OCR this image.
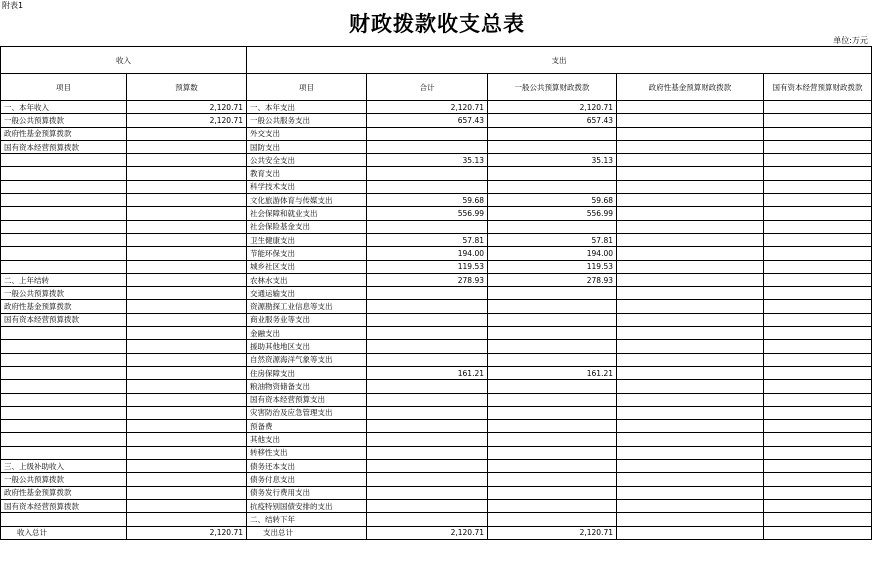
附表1
财政拨款收支总表
单位:万元
收入		支出				
项目	预算数	项目	合计	一般公共预算财政拨款	政府性基金预算财政拨款	国有资本经营预算财政拨款
一、本年收入	2,120.71	一、本年支出	2,120.71	2,120.71		
一般公共预算拨款	2,120.71	一般公共服务支出	657.43	657.43		
政府性基金预算拨款		外交支出				
国有资本经营预算拨款		国防支出				
		公共安全支出	35.13	35.13		
		教育支出				
		科学技术支出				
		文化旅游体育与传媒支出	59.68	59.68		
		社会保障和就业支出	556.99	556.99		
		社会保险基金支出				
		卫生健康支出	57.81	57.81		
		节能环保支出	194.00	194.00		
		城乡社区支出	119.53	119.53		
二、上年结转		农林水支出	278.93	278.93		
一般公共预算拨款		交通运输支出				
政府性基金预算拨款		资源勘探工业信息等支出				
国有资本经营预算拨款		商业服务业等支出				
		金融支出				
		援助其他地区支出				
		自然资源海洋气象等支出				
		住房保障支出	161.21	161.21		
		粮油物资储备支出				
		国有资本经营预算支出				
		灾害防治及应急管理支出				
		预备费				
		其他支出				
		转移性支出				
三、上级补助收入		债务还本支出				
一般公共预算拨款		债务付息支出				
政府性基金预算拨款		债务发行费用支出				
国有资本经营预算拨款		抗疫特别国债安排的支出				
		二、结转下年				
收入总计	2,120.71	支出总计	2,120.71	2,120.71		
